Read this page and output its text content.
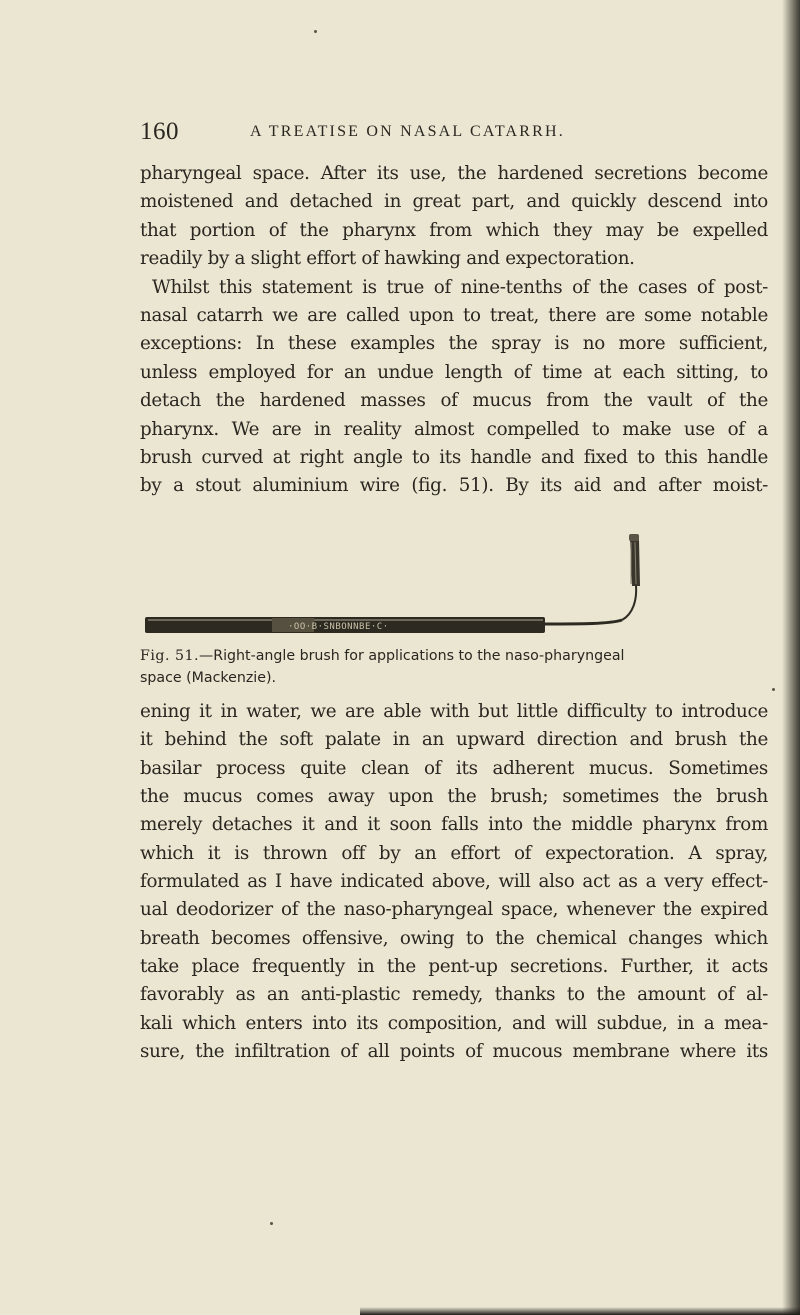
160	A TREATISE ON NASAL CATARRH.
pharyngeal space. After its use, the hardened secretions become
moistened and detached in great part, and quickly descend into
that portion of the pharynx from which they may be expelled
readily by a slight effort of hawking and expectoration.
Whilst this statement is true of nine-tenths of the cases of post-
nasal catarrh we are called upon to treat, there are some notable
exceptions: In these examples the spray is no more sufficient,
unless employed for an undue length of time at each sitting, to
detach the hardened masses of mucus from the vault of the
pharynx. We are in reality almost compelled to make use of a
brush curved at right angle to its handle and fixed to this handle
by a stout aluminium wire (fig. 51). By its aid and after moist-
·OO·B·SNBONNBE·C·
Fig. 51.—Right-angle brush for applications to the naso-pharyngeal
space (Mackenzie).
ening it in water, we are able with but little difficulty to introduce
it behind the soft palate in an upward direction and brush the
basilar process quite clean of its adherent mucus. Sometimes
the mucus comes away upon the brush; sometimes the brush
merely detaches it and it soon falls into the middle pharynx from
which it is thrown off by an effort of expectoration. A spray,
formulated as I have indicated above, will also act as a very effect-
ual deodorizer of the naso-pharyngeal space, whenever the expired
breath becomes offensive, owing to the chemical changes which
take place frequently in the pent-up secretions. Further, it acts
favorably as an anti-plastic remedy, thanks to the amount of al-
kali which enters into its composition, and will subdue, in a mea-
sure, the infiltration of all points of mucous membrane where its
